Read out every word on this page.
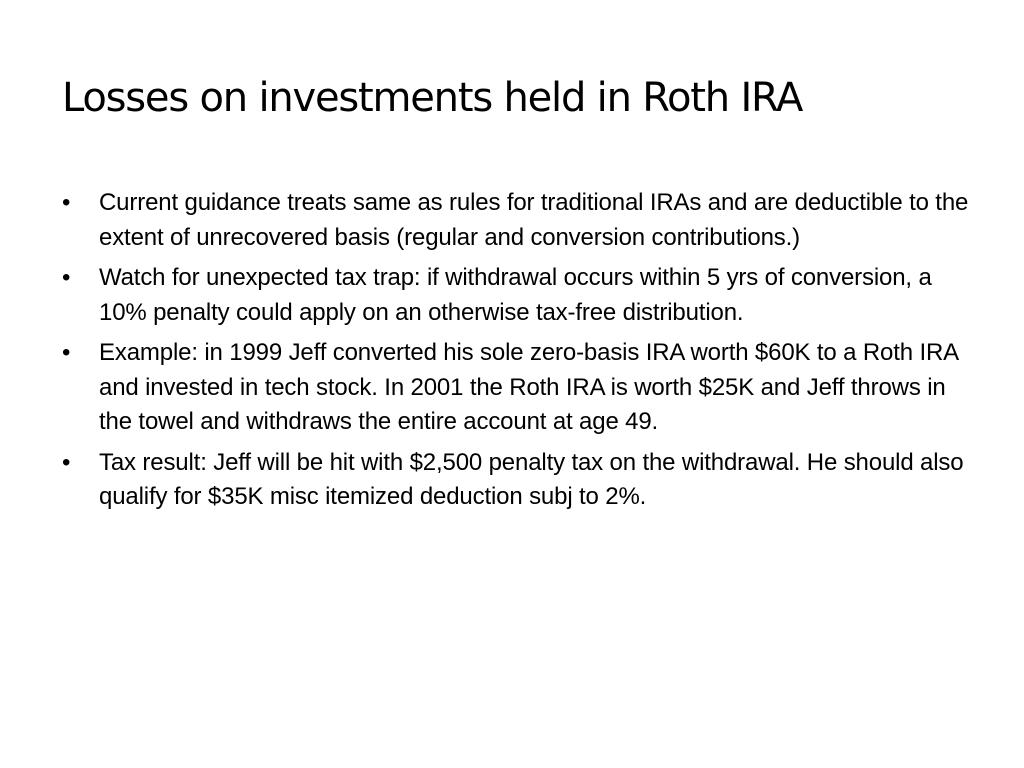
Losses on investments held in Roth IRA
•	Current guidance treats same as rules for traditional IRAs and are deductible to the extent of unrecovered basis (regular and conversion contributions.)
•	Watch for unexpected tax trap: if withdrawal occurs within 5 yrs of conversion, a 10% penalty could apply on an otherwise tax-free distribution.
•	Example: in 1999 Jeff converted his sole zero-basis IRA worth $60K to a Roth IRA and invested in tech stock. In 2001 the Roth IRA is worth $25K and Jeff throws in the towel and withdraws the entire account at age 49.
•	Tax result: Jeff will be hit with $2,500 penalty tax on the withdrawal. He should also qualify for $35K misc itemized deduction subj to 2%.
